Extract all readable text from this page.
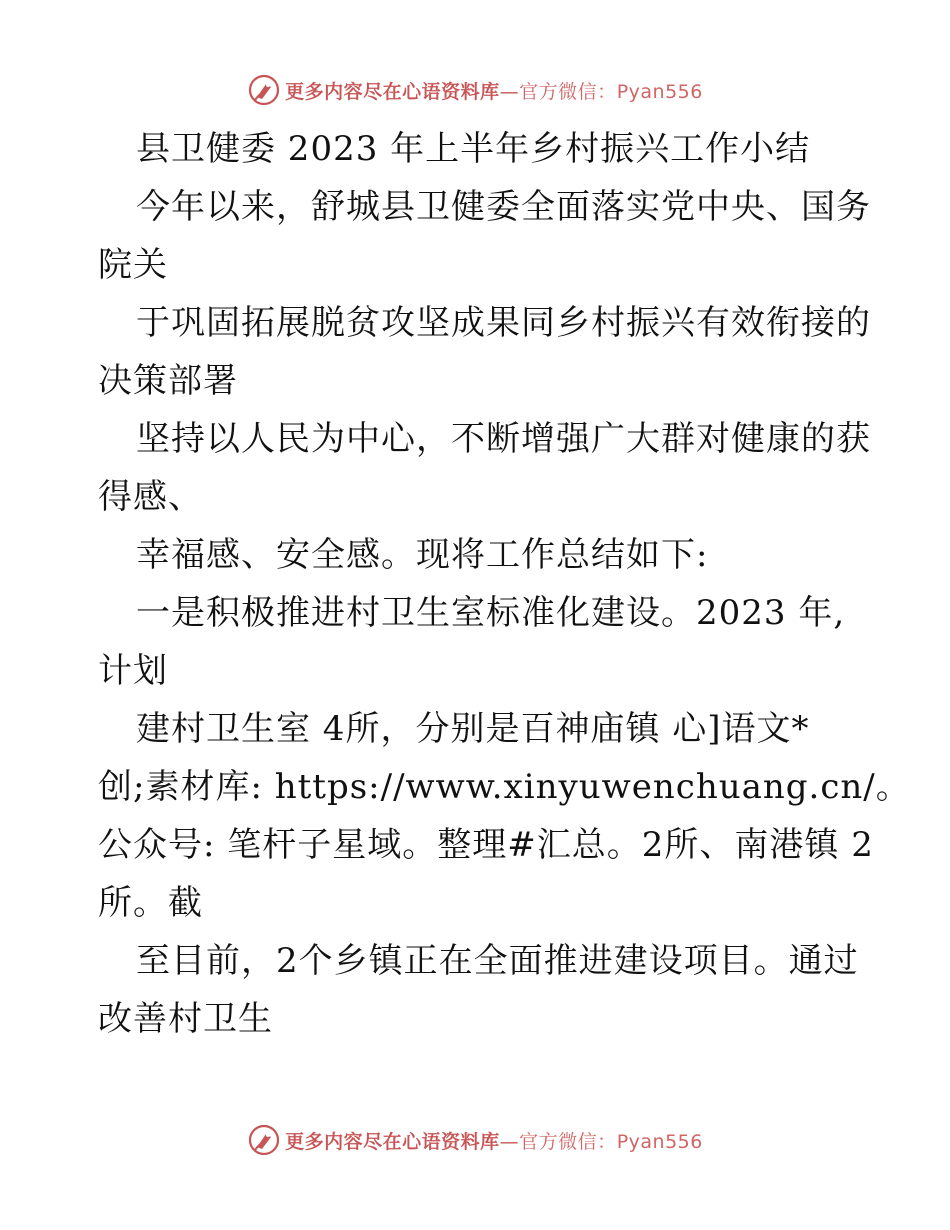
更多内容尽在心语资料库—官方微信：Pyan556
县卫健委 2023 年上半年乡村振兴工作小结
今年以来，舒城县卫健委全面落实党中央、国务
院关
于巩固拓展脱贫攻坚成果同乡村振兴有效衔接的
决策部署
坚持以人民为中心，不断增强广大群对健康的获
得感、
幸福感、安全感。现将工作总结如下:
一是积极推进村卫生室标准化建设。2023 年,
计划
建村卫生室 4所，分别是百神庙镇 心]语文*
创;素材库: https://www.xinyuwenchuang.cn/。
公众号: 笔杆子星域。整理#汇总。2所、南港镇 2
所。截
至目前，2个乡镇正在全面推进建设项目。通过
改善村卫生
更多内容尽在心语资料库—官方微信：Pyan556
